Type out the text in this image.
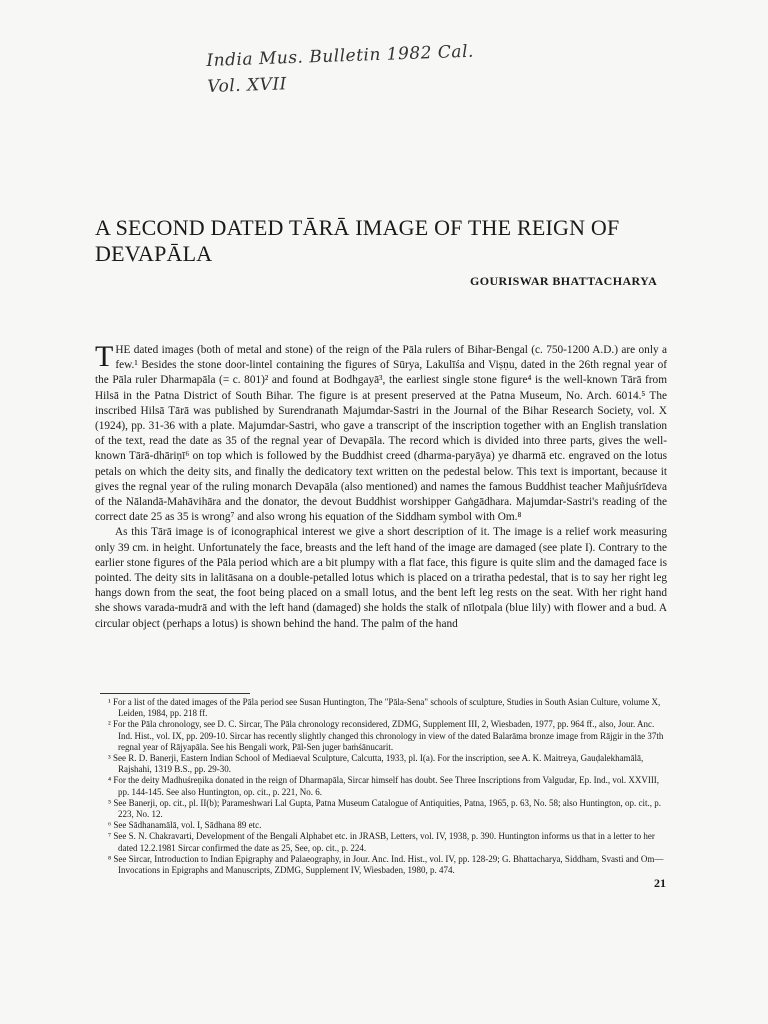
India Mus. Bulletin 1982 Cal.
Vol. XVII
A SECOND DATED TĀRĀ IMAGE OF THE REIGN OF DEVAPĀLA
GOURISWAR BHATTACHARYA

THE dated images (both of metal and stone) of the reign of the Pāla rulers of Bihar-Bengal (c. 750-1200 A.D.) are only a few.¹ Besides the stone door-lintel containing the figures of Sūrya, Lakulīśa and Viṣṇu, dated in the 26th regnal year of the Pāla ruler Dharmapāla (= c. 801)² and found at Bodhgayā³, the earliest single stone figure⁴ is the well-known Tārā from Hilsā in the Patna District of South Bihar. The figure is at present preserved at the Patna Museum, No. Arch. 6014.⁵ The inscribed Hilsā Tārā was published by Surendranath Majumdar-Sastri in the Journal of the Bihar Research Society, vol. X (1924), pp. 31-36 with a plate. Majumdar-Sastri, who gave a transcript of the inscription together with an English translation of the text, read the date as 35 of the regnal year of Devapāla. The record which is divided into three parts, gives the well-known Tārā-dhāriṇī⁶ on top which is followed by the Buddhist creed (dharma-paryāya) ye dharmā etc. engraved on the lotus petals on which the deity sits, and finally the dedicatory text written on the pedestal below. This text is important, because it gives the regnal year of the ruling monarch Devapāla (also mentioned) and names the famous Buddhist teacher Mañjuśrīdeva of the Nālandā-Mahāvihāra and the donator, the devout Buddhist worshipper Gaṅgādhara. Majumdar-Sastri's reading of the correct date 25 as 35 is wrong⁷ and also wrong his equation of the Siddham symbol with Om.⁸

As this Tārā image is of iconographical interest we give a short description of it. The image is a relief work measuring only 39 cm. in height. Unfortunately the face, breasts and the left hand of the image are damaged (see plate I). Contrary to the earlier stone figures of the Pāla period which are a bit plumpy with a flat face, this figure is quite slim and the damaged face is pointed. The deity sits in lalitāsana on a double-petalled lotus which is placed on a triratha pedestal, that is to say her right leg hangs down from the seat, the foot being placed on a small lotus, and the bent left leg rests on the seat. With her right hand she shows varada-mudrā and with the left hand (damaged) she holds the stalk of nīlotpala (blue lily) with flower and a bud. A circular object (perhaps a lotus) is shown behind the hand. The palm of the hand

¹ For a list of the dated images of the Pāla period see Susan Huntington, The "Pāla-Sena" schools of sculpture, Studies in South Asian Culture, volume X, Leiden, 1984, pp. 218 ff.

² For the Pāla chronology, see D. C. Sircar, The Pāla chronology reconsidered, ZDMG, Supplement III, 2, Wiesbaden, 1977, pp. 964 ff., also, Jour. Anc. Ind. Hist., vol. IX, pp. 209-10. Sircar has recently slightly changed this chronology in view of the dated Balarāma bronze image from Rājgir in the 37th regnal year of Rājyapāla. See his Bengali work, Pāl-Sen juger baṁśānucarit.

³ See R. D. Banerji, Eastern Indian School of Mediaeval Sculpture, Calcutta, 1933, pl. I(a). For the inscription, see A. K. Maitreya, Gauḍalekhamālā, Rajshahi, 1319 B.S., pp. 29-30.

⁴ For the deity Madhuśreṇika donated in the reign of Dharmapāla, Sircar himself has doubt. See Three Inscriptions from Valgudar, Ep. Ind., vol. XXVIII, pp. 144-145. See also Huntington, op. cit., p. 221, No. 6.

⁵ See Banerji, op. cit., pl. II(b); Parameshwari Lal Gupta, Patna Museum Catalogue of Antiquities, Patna, 1965, p. 63, No. 58; also Huntington, op. cit., p. 223, No. 12.

⁶ See Sādhanamālā, vol. I, Sādhana 89 etc.

⁷ See S. N. Chakravarti, Development of the Bengali Alphabet etc. in JRASB, Letters, vol. IV, 1938, p. 390. Huntington informs us that in a letter to her dated 12.2.1981 Sircar confirmed the date as 25, See, op. cit., p. 224.

⁸ See Sircar, Introduction to Indian Epigraphy and Palaeography, in Jour. Anc. Ind. Hist., vol. IV, pp. 128-29; G. Bhattacharya, Siddham, Svasti and Om—Invocations in Epigraphs and Manuscripts, ZDMG, Supplement IV, Wiesbaden, 1980, p. 474.

21
